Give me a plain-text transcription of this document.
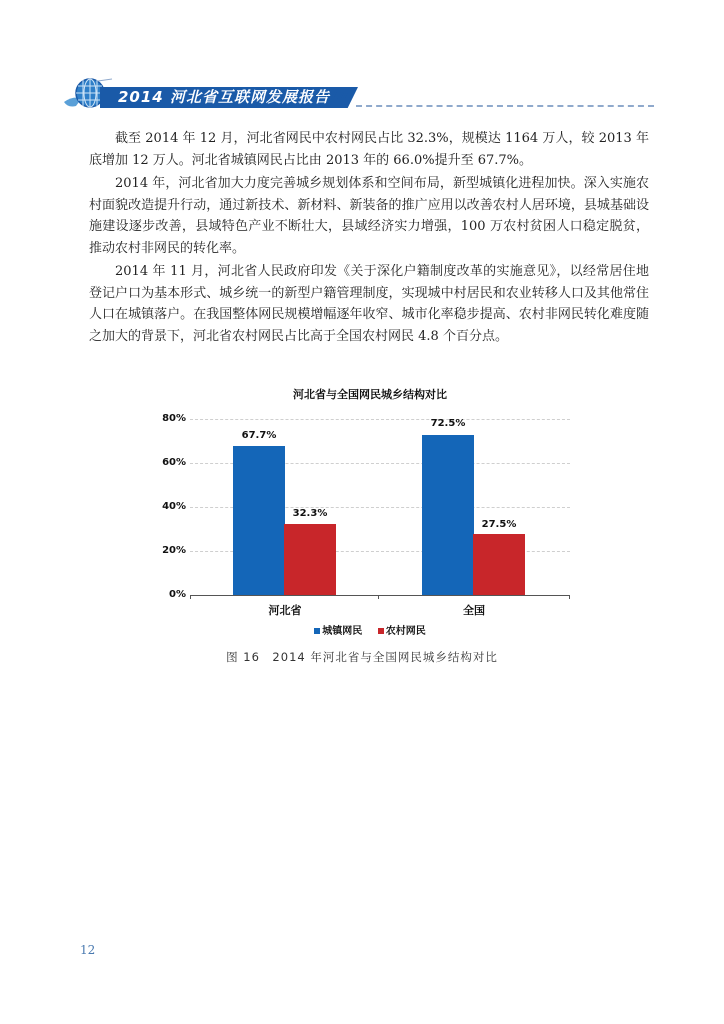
2014 河北省互联网发展报告 /////

截至 2014 年 12 月，河北省网民中农村网民占比 32.3%，规模达 1164 万人，较 2013 年底增加 12 万人。河北省城镇网民占比由 2013 年的 66.0%提升至 67.7%。

2014 年，河北省加大力度完善城乡规划体系和空间布局，新型城镇化进程加快。深入实施农村面貌改造提升行动，通过新技术、新材料、新装备的推广应用以改善农村人居环境，县城基础设施建设逐步改善，县域特色产业不断壮大，县域经济实力增强，100 万农村贫困人口稳定脱贫，推动农村非网民的转化率。

2014 年 11 月，河北省人民政府印发《关于深化户籍制度改革的实施意见》，以经常居住地登记户口为基本形式、城乡统一的新型户籍管理制度，实现城中村居民和农业转移人口及其他常住人口在城镇落户。在我国整体网民规模增幅逐年收窄、城市化率稳步提高、农村非网民转化难度随之加大的背景下，河北省农村网民占比高于全国农村网民 4.8 个百分点。

河北省与全国网民城乡结构对比
80%
60%
40%
20%
0%
67.7%
32.3%
72.5%
27.5%
河北省	全国
城镇网民 农村网民
图 16　2014 年河北省与全国网民城乡结构对比
12
